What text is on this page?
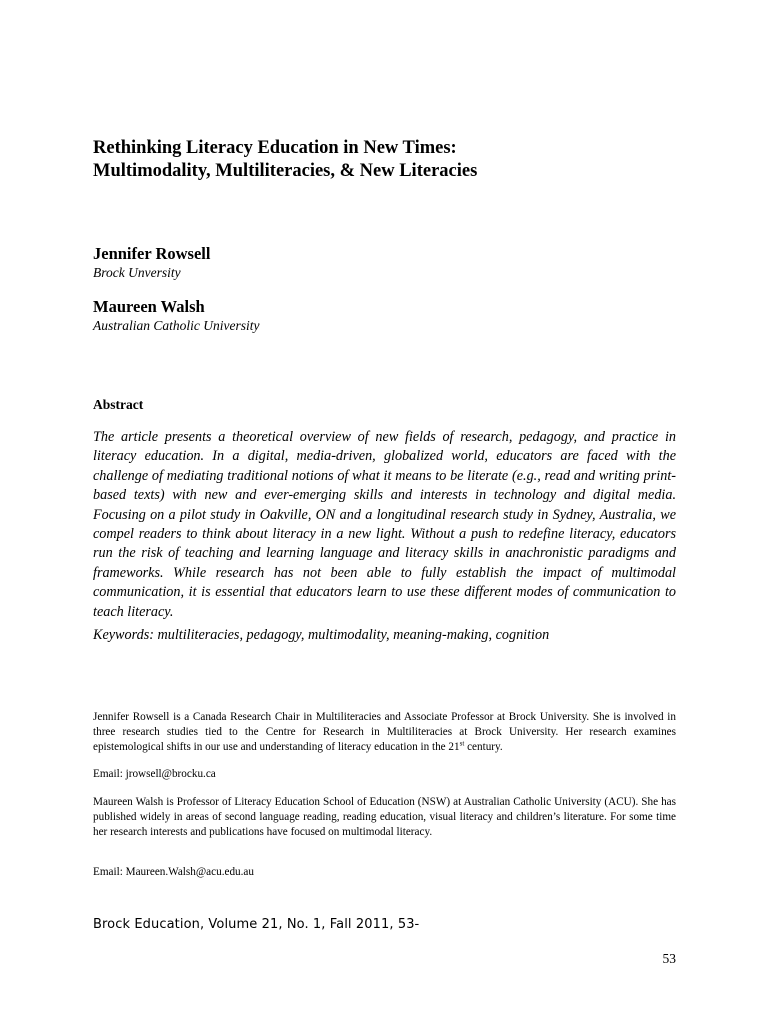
Rethinking Literacy Education in New Times:
Multimodality, Multiliteracies, & New Literacies
Jennifer Rowsell
Brock Unversity
Maureen Walsh
Australian Catholic University
Abstract
The article presents a theoretical overview of new fields of research, pedagogy, and practice in literacy education. In a digital, media-driven, globalized world, educators are faced with the challenge of mediating traditional notions of what it means to be literate (e.g., read and writing print-based texts) with new and ever-emerging skills and interests in technology and digital media. Focusing on a pilot study in Oakville, ON and a longitudinal research study in Sydney, Australia, we compel readers to think about literacy in a new light. Without a push to redefine literacy, educators run the risk of teaching and learning language and literacy skills in anachronistic paradigms and frameworks. While research has not been able to fully establish the impact of multimodal communication, it is essential that educators learn to use these different modes of communication to teach literacy.
Keywords: multiliteracies, pedagogy, multimodality, meaning-making, cognition
Jennifer Rowsell is a Canada Research Chair in Multiliteracies and Associate Professor at Brock University. She is involved in three research studies tied to the Centre for Research in Multiliteracies at Brock University. Her research examines epistemological shifts in our use and understanding of literacy education in the 21st century.
Email: jrowsell@brocku.ca
Maureen Walsh is Professor of Literacy Education School of Education (NSW) at Australian Catholic University (ACU). She has published widely in areas of second language reading, reading education, visual literacy and children’s literature. For some time her research interests and publications have focused on multimodal literacy.
Email: Maureen.Walsh@acu.edu.au
Brock Education, Volume 21, No. 1, Fall 2011, 53-
53
